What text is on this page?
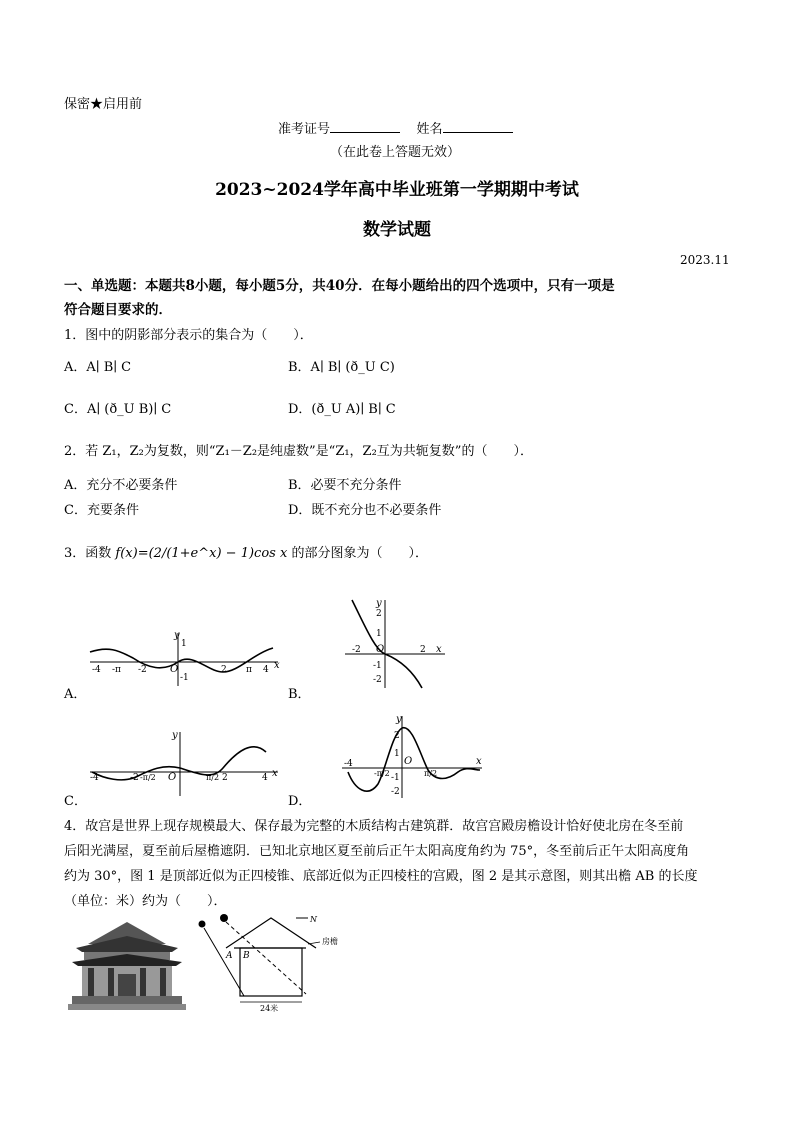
保密★启用前
准考证号	姓名
（在此卷上答题无效）
2023~2024学年高中毕业班第一学期期中考试
数学试题
2023.11
一、单选题：本题共8小题，每小题5分，共40分．在每小题给出的四个选项中，只有一项是
符合题目要求的．
1．图中的阴影部分表示的集合为（　　）．
A．A∣ B∣ C	B．A∣ B∣ (ð_U C)
C．A∣ (ð_U B)∣ C	D．(ð_U A)∣ B∣ C
2．若 Z₁，Z₂为复数，则“Z₁－Z₂是纯虚数”是“Z₁，Z₂互为共轭复数”的（　　）．
A．充分不必要条件	B．必要不充分条件
C．充要条件	D．既不充分也不必要条件
3．函数 f(x)=(2/(1+e^x) − 1)cos x 的部分图象为（　　）．
y
1
-1
O
-4 -π -2	2 π 4 x
A．
y
2
1
-1
-2
-2 O	2 x
B．
y
-4	-2 -π/2 O	π/2 2	4 x
C．
y
2
1
-1
-2
-4
-π/2	π/2
O	x
D．
4．故宫是世界上现存规模最大、保存最为完整的木质结构古建筑群．故宫宫殿房檐设计恰好使北房在冬至前
后阳光满屋，夏至前后屋檐遮阴．已知北京地区夏至前后正午太阳高度角约为 75°，冬至前后正午太阳高度角
约为 30°，图 1 是顶部近似为正四棱锥、底部近似为正四棱柱的宫殿，图 2 是其示意图，则其出檐 AB 的长度
（单位：米）约为（　　）．
N
房檐
A B
24米
